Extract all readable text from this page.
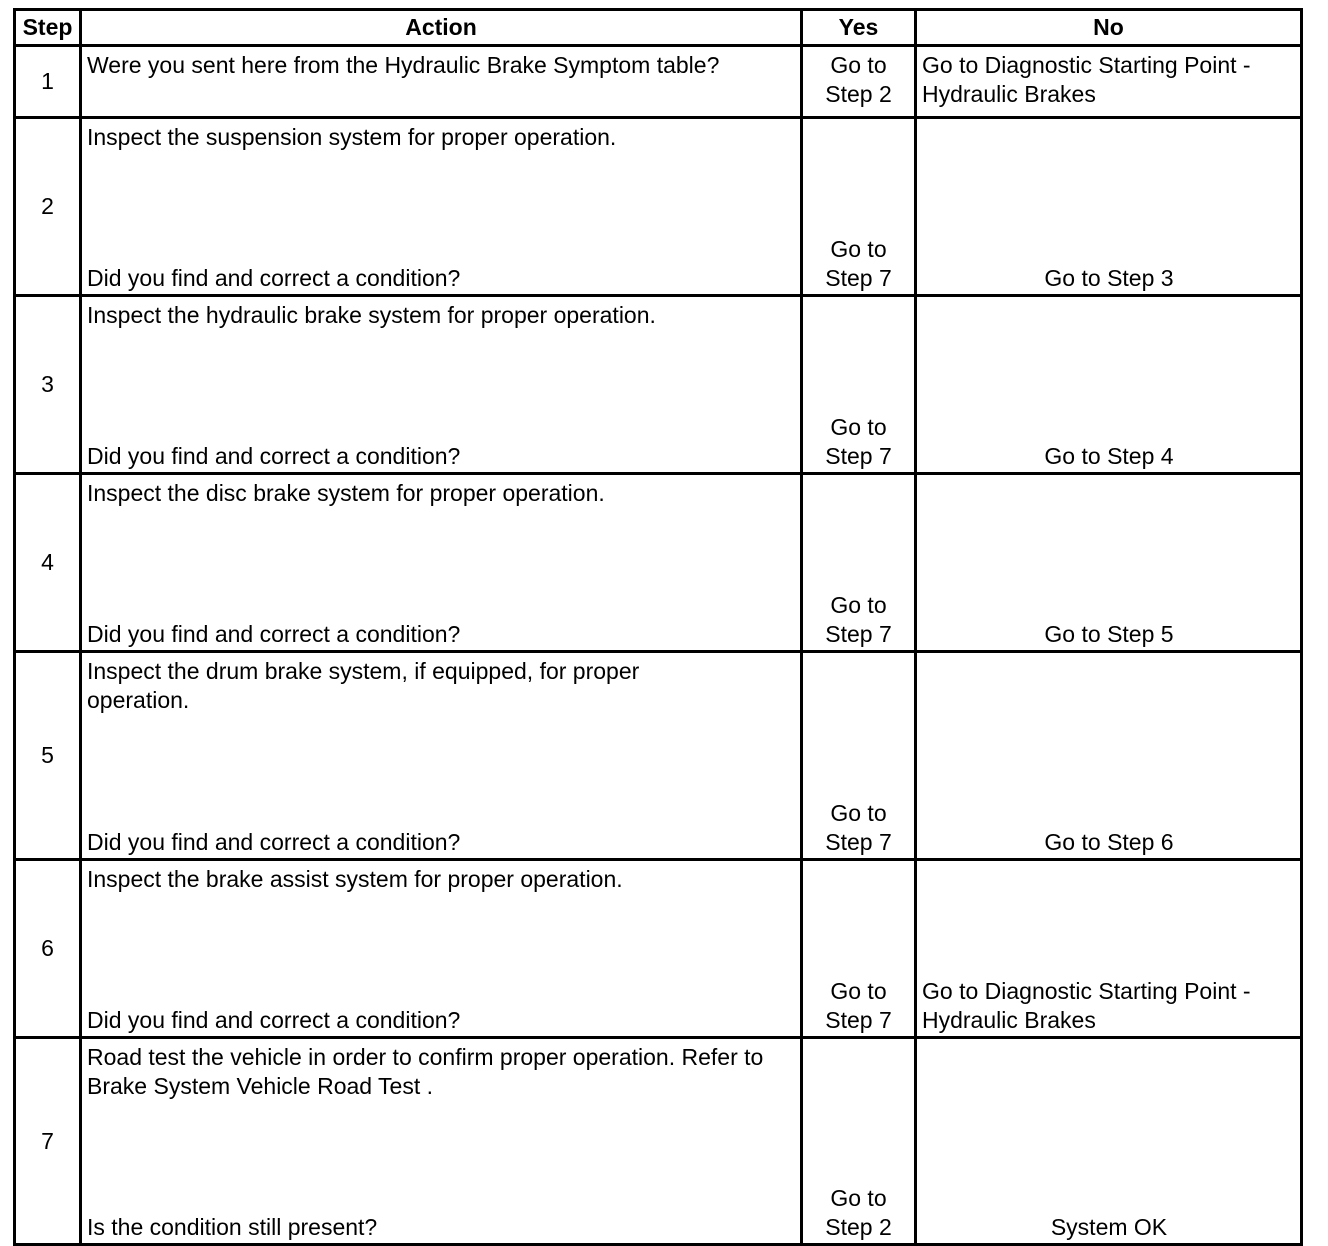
Step	Action	Yes	No
1	Were you sent here from the Hydraulic Brake Symptom table?	Go to Step 2	Go to Diagnostic Starting Point - Hydraulic Brakes

2	Inspect the suspension system for proper operation.
Did you find and correct a condition?	Go to Step 7	Go to Step 3

3	Inspect the hydraulic brake system for proper operation.
Did you find and correct a condition?	Go to Step 7	Go to Step 4

4	Inspect the disc brake system for proper operation.
Did you find and correct a condition?	Go to Step 7	Go to Step 5

5	Inspect the drum brake system, if equipped, for proper operation.
Did you find and correct a condition?	Go to Step 7	Go to Step 6

6	Inspect the brake assist system for proper operation.
Did you find and correct a condition?	Go to Step 7	Go to Diagnostic Starting Point - Hydraulic Brakes

7	Road test the vehicle in order to confirm proper operation. Refer to Brake System Vehicle Road Test .
Is the condition still present?	Go to Step 2	System OK
